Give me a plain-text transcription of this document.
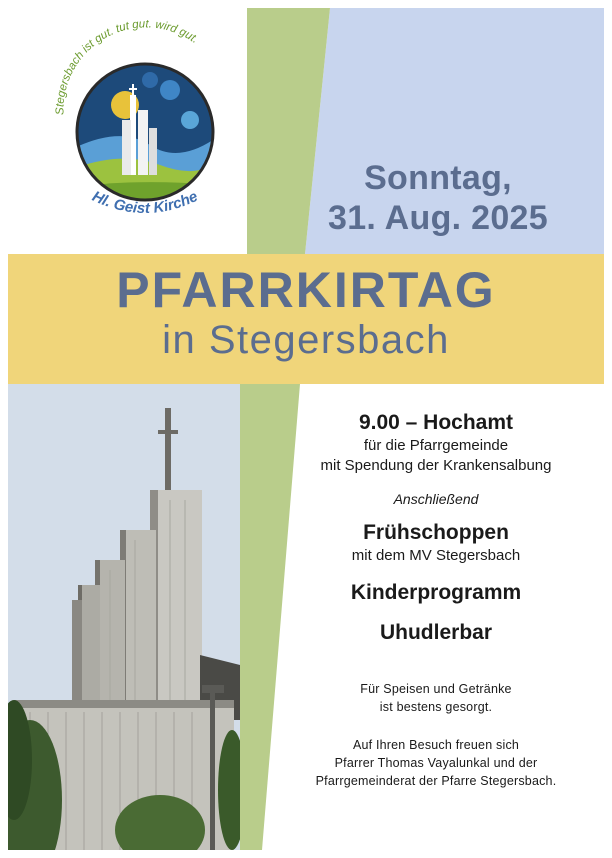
Stegersbach ist gut. tut gut. wird gut.
Hl. Geist Kirche
Sonntag,
31. Aug. 2025
PFARRKIRTAG
in Stegersbach
9.00 – Hochamt
für die Pfarrgemeinde
mit Spendung der Krankensalbung
Anschließend
Frühschoppen
mit dem MV Stegersbach
Kinderprogramm
Uhudlerbar
Für Speisen und Getränke
ist bestens gesorgt.
Auf Ihren Besuch freuen sich
Pfarrer Thomas Vayalunkal und der
Pfarrgemeinderat der Pfarre Stegersbach.
